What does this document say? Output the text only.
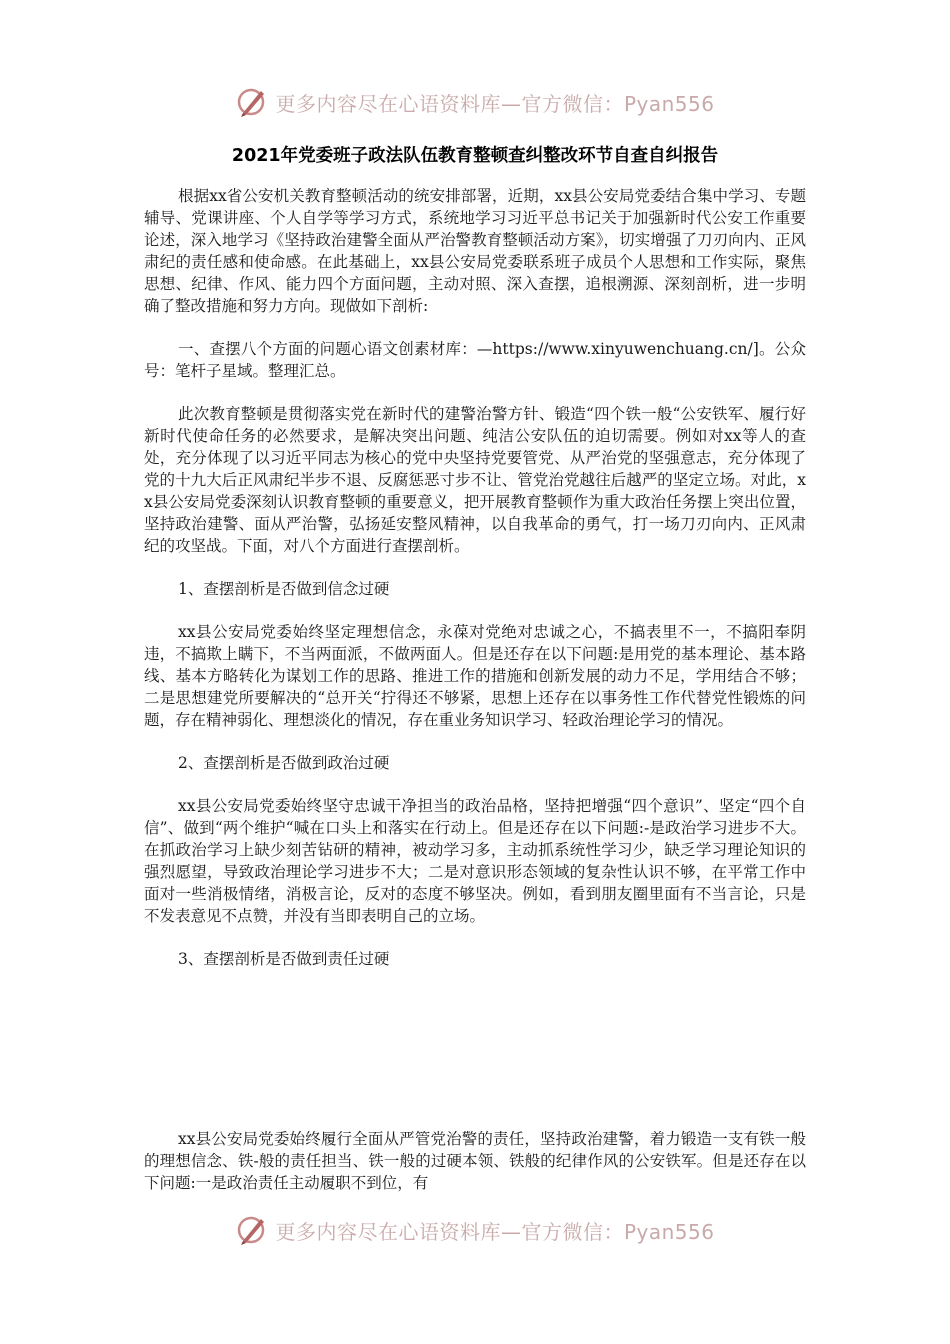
更多内容尽在心语资料库—官方微信：Pyan556
2021年党委班子政法队伍教育整顿查纠整改环节自查自纠报告

根据xx省公安机关教育整顿活动的统安排部署，近期，xx县公安局党委结合集中学习、专题辅导、党课讲座、个人自学等学习方式，系统地学习习近平总书记关于加强新时代公安工作重要论述，深入地学习《坚持政治建警全面从严治警教育整顿活动方案》，切实增强了刀刃向内、正风肃纪的责任感和使命感。在此基础上，xx县公安局党委联系班子成员个人思想和工作实际，聚焦思想、纪律、作风、能力四个方面问题，主动对照、深入查摆，追根溯源、深刻剖析，进一步明确了整改措施和努力方向。现做如下剖析:

一、查摆八个方面的问题心语文创素材库：—https://www.xinyuwenchuang.cn/]。公众号：笔杆子星域。整理汇总。

此次教育整顿是贯彻落实党在新时代的建警治警方针、锻造“四个铁一般“公安铁军、履行好新时代使命任务的必然要求，是解决突出问题、纯洁公安队伍的迫切需要。例如对xx等人的查处，充分体现了以习近平同志为核心的党中央坚持党要管党、从严治党的坚强意志，充分体现了党的十九大后正风肃纪半步不退、反腐惩恶寸步不让、管党治党越往后越严的坚定立场。对此，xx县公安局党委深刻认识教育整顿的重要意义，把开展教育整顿作为重大政治任务摆上突出位置，坚持政治建警、面从严治警，弘扬延安整风精神，以自我革命的勇气，打一场刀刃向内、正风肃纪的攻坚战。下面，对八个方面进行查摆剖析。

1、查摆剖析是否做到信念过硬

xx县公安局党委始终坚定理想信念，永葆对党绝对忠诚之心，不搞表里不一，不搞阳奉阴违，不搞欺上瞒下，不当两面派，不做两面人。但是还存在以下问题:是用党的基本理论、基本路线、基本方略转化为谋划工作的思路、推进工作的措施和创新发展的动力不足，学用结合不够；二是思想建党所要解决的“总开关“拧得还不够紧，思想上还存在以事务性工作代替党性锻炼的问题，存在精神弱化、理想淡化的情况，存在重业务知识学习、轻政治理论学习的情况。

2、查摆剖析是否做到政治过硬

xx县公安局党委始终坚守忠诚干净担当的政治品格，坚持把增强“四个意识”、坚定“四个自信”、做到“两个维护“喊在口头上和落实在行动上。但是还存在以下问题:-是政治学习进步不大。在抓政治学习上缺少刻苦钻研的精神，被动学习多，主动抓系统性学习少，缺乏学习理论知识的强烈愿望，导致政治理论学习进步不大；二是对意识形态领域的复杂性认识不够，在平常工作中面对一些消极情绪，消极言论，反对的态度不够坚决。例如，看到朋友圈里面有不当言论，只是不发表意见不点赞，并没有当即表明自己的立场。

3、查摆剖析是否做到责任过硬

xx县公安局党委始终履行全面从严管党治警的责任，坚持政治建警，着力锻造一支有铁一般的理想信念、铁-般的责任担当、铁一般的过硬本领、铁般的纪律作风的公安铁军。但是还存在以下问题:一是政治责任主动履职不到位，有

更多内容尽在心语资料库—官方微信：Pyan556
